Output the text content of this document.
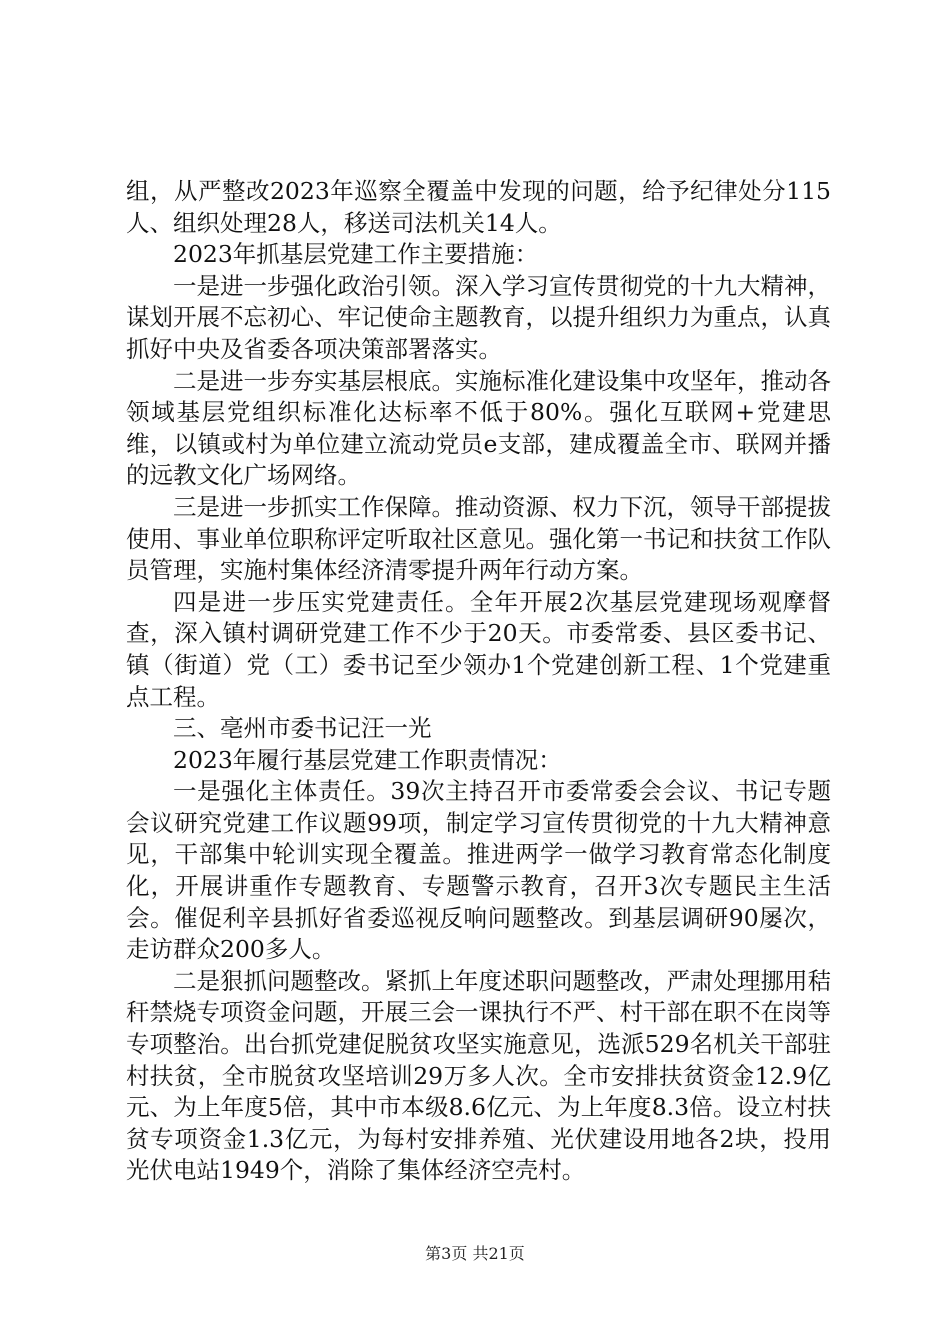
组，从严整改2023年巡察全覆盖中发现的问题，给予纪律处分115人、组织处理28人，移送司法机关14人。

2023年抓基层党建工作主要措施：

一是进一步强化政治引领。深入学习宣传贯彻党的十九大精神，谋划开展不忘初心、牢记使命主题教育，以提升组织力为重点，认真抓好中央及省委各项决策部署落实。

二是进一步夯实基层根底。实施标准化建设集中攻坚年，推动各领域基层党组织标准化达标率不低于80%。强化互联网+党建思维，以镇或村为单位建立流动党员e支部，建成覆盖全市、联网并播的远教文化广场网络。

三是进一步抓实工作保障。推动资源、权力下沉，领导干部提拔使用、事业单位职称评定听取社区意见。强化第一书记和扶贫工作队员管理，实施村集体经济清零提升两年行动方案。

四是进一步压实党建责任。全年开展2次基层党建现场观摩督查，深入镇村调研党建工作不少于20天。市委常委、县区委书记、镇（街道）党（工）委书记至少领办1个党建创新工程、1个党建重点工程。

三、亳州市委书记汪一光

2023年履行基层党建工作职责情况：

一是强化主体责任。39次主持召开市委常委会会议、书记专题会议研究党建工作议题99项，制定学习宣传贯彻党的十九大精神意见，干部集中轮训实现全覆盖。推进两学一做学习教育常态化制度化，开展讲重作专题教育、专题警示教育，召开3次专题民主生活会。催促利辛县抓好省委巡视反响问题整改。到基层调研90屡次，走访群众200多人。

二是狠抓问题整改。紧抓上年度述职问题整改，严肃处理挪用秸秆禁烧专项资金问题，开展三会一课执行不严、村干部在职不在岗等专项整治。出台抓党建促脱贫攻坚实施意见，选派529名机关干部驻村扶贫，全市脱贫攻坚培训29万多人次。全市安排扶贫资金12.9亿元、为上年度5倍，其中市本级8.6亿元、为上年度8.3倍。设立村扶贫专项资金1.3亿元，为每村安排养殖、光伏建设用地各2块，投用光伏电站1949个，消除了集体经济空壳村。

第3页 共21页
